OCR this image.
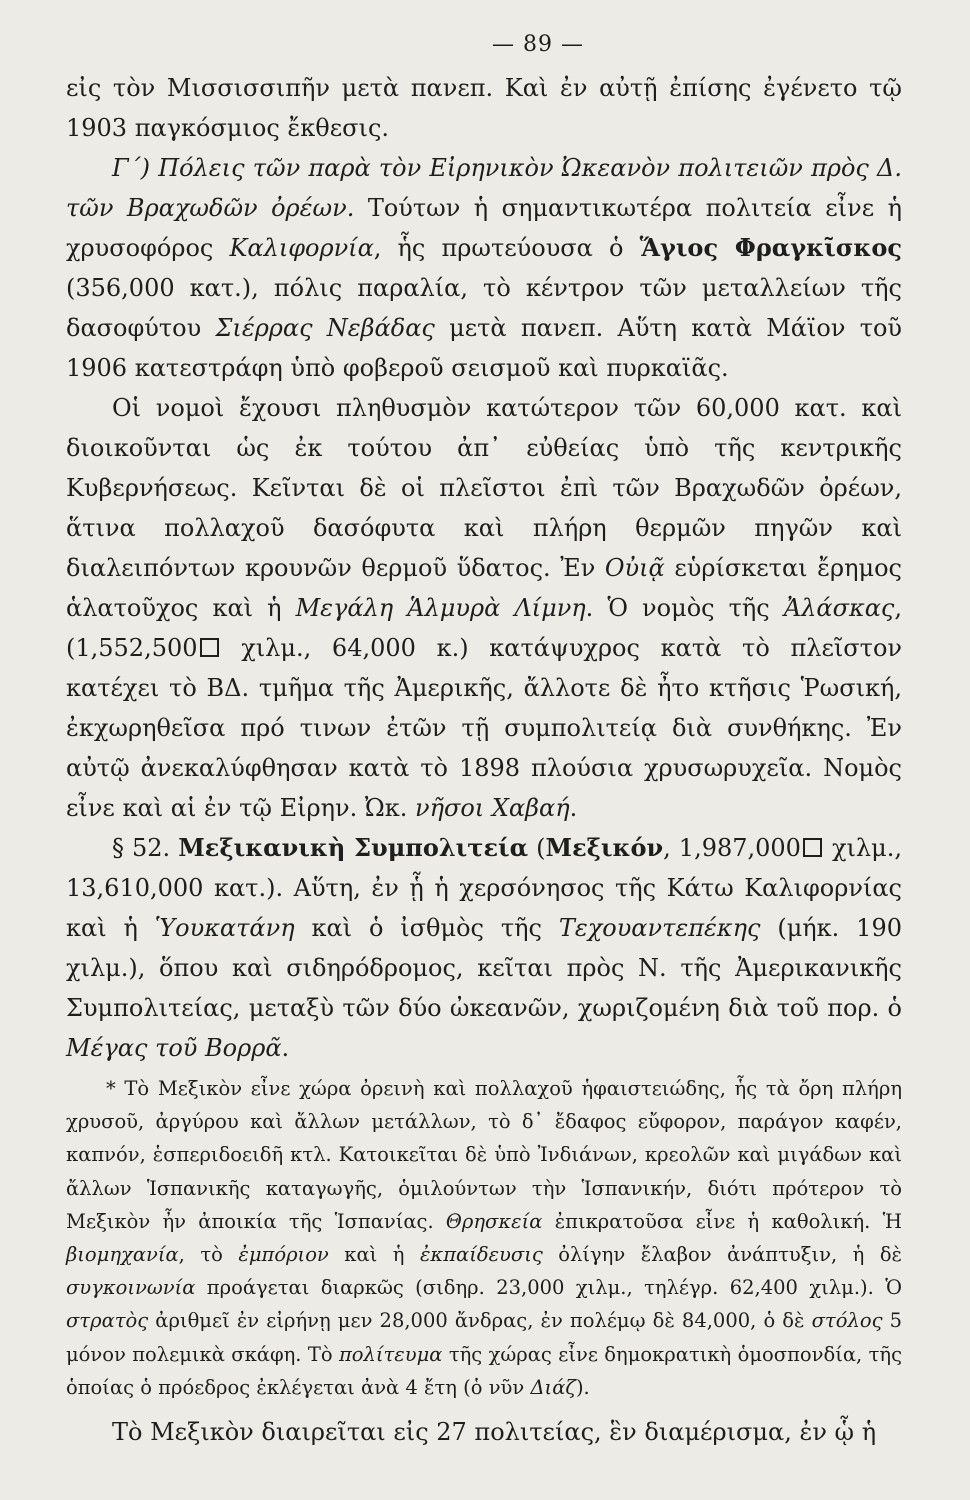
— 89 —

εἰς τὸν Μισσισσιπῆν μετὰ πανεπ. Καὶ ἐν αὐτῇ ἐπίσης ἐγένετο τῷ 1903 παγκόσμιος ἔκθεσις.

Γ΄) Πόλεις τῶν παρὰ τὸν Εἰρηνικὸν Ὠκεανὸν πολιτειῶν πρὸς Δ. τῶν Βραχωδῶν ὀρέων. Τούτων ἡ σημαντικωτέρα πολιτεία εἶνε ἡ χρυσοφόρος Καλιφορνία, ἧς πρωτεύουσα ὁ Ἅγιος Φραγκῖσκος (356,000 κατ.), πόλις παραλία, τὸ κέντρον τῶν μεταλλείων τῆς δασοφύτου Σιέρρας Νεβάδας μετὰ πανεπ. Αὕτη κατὰ Μάϊον τοῦ 1906 κατεστράφη ὑπὸ φοβεροῦ σεισμοῦ καὶ πυρκαϊᾶς.

Οἱ νομοὶ ἔχουσι πληθυσμὸν κατώτερον τῶν 60,000 κατ. καὶ διοικοῦνται ὡς ἐκ τούτου ἀπ᾽ εὐθείας ὑπὸ τῆς κεντρικῆς Κυβερνήσεως. Κεῖνται δὲ οἱ πλεῖστοι ἐπὶ τῶν Βραχωδῶν ὀρέων, ἅτινα πολλαχοῦ δασόφυτα καὶ πλήρη θερμῶν πηγῶν καὶ διαλειπόντων κρουνῶν θερμοῦ ὕδατος. Ἐν Οὐιᾷ εὑρίσκεται ἔρημος ἁλατοῦχος καὶ ἡ Μεγάλη Ἁλμυρὰ Λίμνη. Ὁ νομὸς τῆς Ἀλάσκας, (1,552,500 χιλμ., 64,000 κ.) κατάψυχρος κατὰ τὸ πλεῖστον κατέχει τὸ ΒΔ. τμῆμα τῆς Ἀμερικῆς, ἄλλοτε δὲ ἦτο κτῆσις Ῥωσική, ἐκχωρηθεῖσα πρό τινων ἐτῶν τῇ συμπολιτείᾳ διὰ συνθήκης. Ἐν αὐτῷ ἀνεκαλύφθησαν κατὰ τὸ 1898 πλούσια χρυσωρυχεῖα. Νομὸς εἶνε καὶ αἱ ἐν τῷ Εἰρην. Ὠκ. νῆσοι Χαβαή.

§ 52. Μεξικανικὴ Συμπολιτεία (Μεξικόν, 1,987,000 χιλμ., 13,610,000 κατ.). Αὕτη, ἐν ᾗ ἡ χερσόνησος τῆς Κάτω Καλιφορνίας καὶ ἡ Ὑουκατάνη καὶ ὁ ἰσθμὸς τῆς Τεχουαντεπέκης (μήκ. 190 χιλμ.), ὅπου καὶ σιδηρόδρομος, κεῖται πρὸς Ν. τῆς Ἀμερικανικῆς Συμπολιτείας, μεταξὺ τῶν δύο ὠκεανῶν, χωριζομένη διὰ τοῦ πορ. ὁ Μέγας τοῦ Βορρᾶ.

* Τὸ Μεξικὸν εἶνε χώρα ὀρεινὴ καὶ πολλαχοῦ ἡφαιστειώδης, ἧς τὰ ὄρη πλήρη χρυσοῦ, ἀργύρου καὶ ἄλλων μετάλλων, τὸ δ᾽ ἔδαφος εὔφορον, παράγον καφέν, καπνόν, ἑσπεριδοειδῆ κτλ. Κατοικεῖται δὲ ὑπὸ Ἰνδιάνων, κρεολῶν καὶ μιγάδων καὶ ἄλλων Ἱσπανικῆς καταγωγῆς, ὁμιλούντων τὴν Ἱσπανικήν, διότι πρότερον τὸ Μεξικὸν ἦν ἀποικία τῆς Ἱσπανίας. Θρησκεία ἐπικρατοῦσα εἶνε ἡ καθολική. Ἡ βιομηχανία, τὸ ἐμπόριον καὶ ἡ ἐκπαίδευσις ὀλίγην ἔλαβον ἀνάπτυξιν, ἡ δὲ συγκοινωνία προάγεται διαρκῶς (σιδηρ. 23,000 χιλμ., τηλέγρ. 62,400 χιλμ.). Ὁ στρατὸς ἀριθμεῖ ἐν εἰρήνῃ μεν 28,000 ἄνδρας, ἐν πολέμῳ δὲ 84,000, ὁ δὲ στόλος 5 μόνον πολεμικὰ σκάφη. Τὸ πολίτευμα τῆς χώρας εἶνε δημοκρατικὴ ὁμοσπονδία, τῆς ὁποίας ὁ πρόεδρος ἐκλέγεται ἀνὰ 4 ἔτη (ὁ νῦν Διάζ).

Τὸ Μεξικὸν διαιρεῖται εἰς 27 πολιτείας, ἓν διαμέρισμα, ἐν ᾧ ἡ
